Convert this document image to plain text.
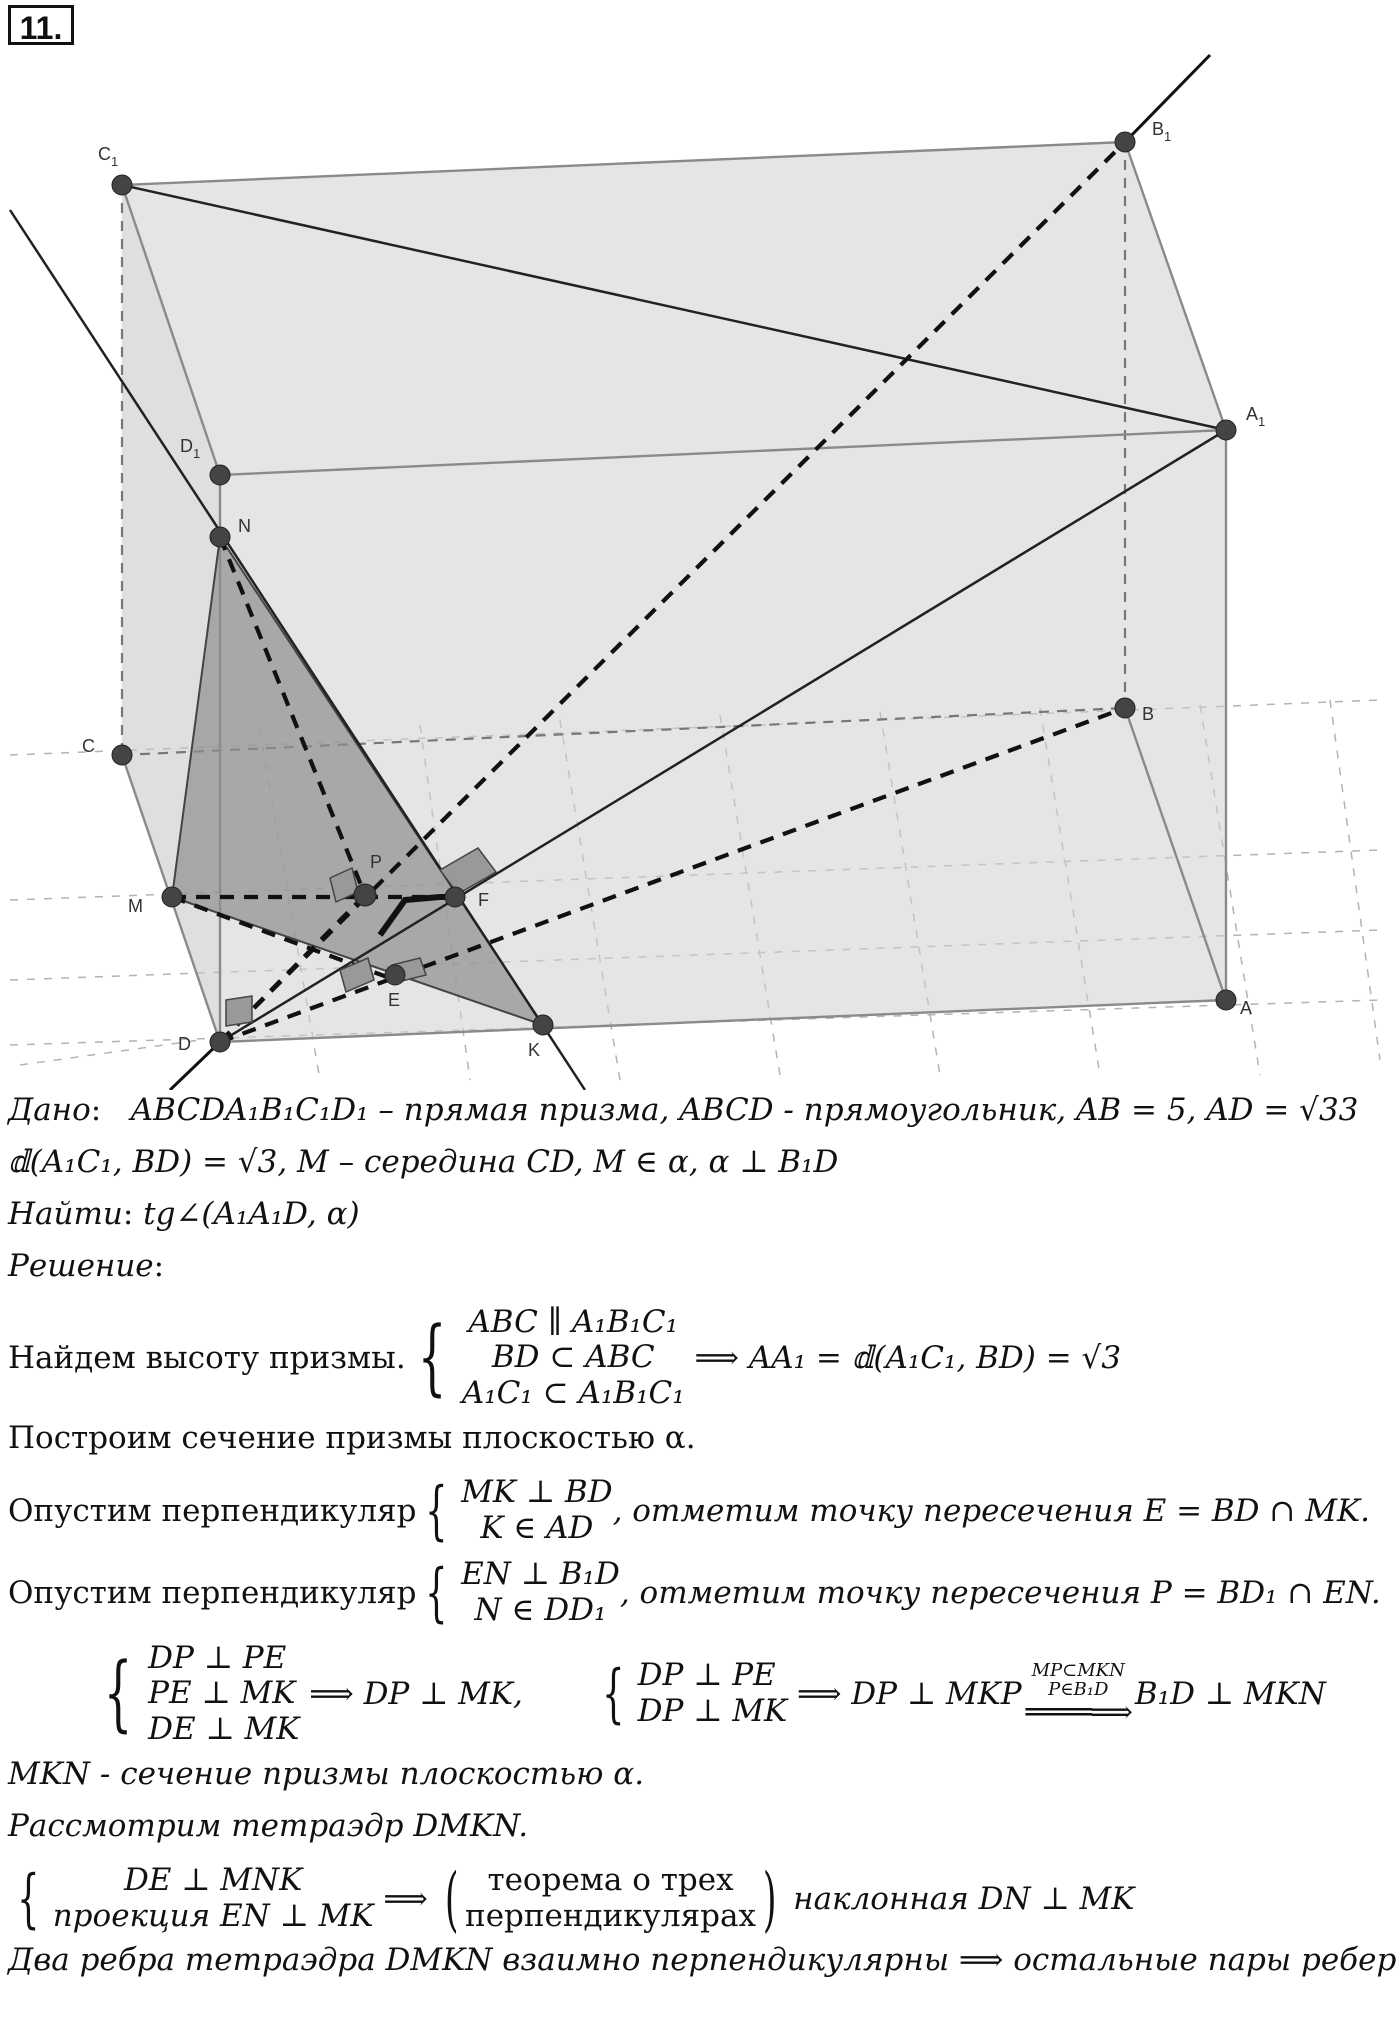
11.
$C_1$
$B_1$
$D_1$
$A_1$
N
C
B
P
M	F
E
D	K
A
Дано:   ABCDA₁B₁C₁D₁ – прямая призма, ABCD - прямоугольник, AB = 5, AD = √33
𝕕(A₁C₁, BD) = √3, M – середина CD, M ∈ α, α ⊥ B₁D
Найти: tg∠(A₁A₁D, α)
Решение:
Найдем высоту призмы. { ABC ∥ A₁B₁C₁
BD ⊂ ABC
A₁C₁ ⊂ A₁B₁C₁

⟹ AA₁ = 𝕕(A₁C₁, BD) = √3
Построим сечение призмы плоскостью α.
Опустим перпендикуляр { MK ⊥ BD
K ∈ AD , отметим точку пересечения E = BD ∩ MK.
Опустим перпендикуляр { EN ⊥ B₁D
N ∈ DD₁ , отметим точку пересечения P = BD₁ ∩ EN.
{ DP ⊥ PE
PE ⊥ MK
DE ⊥ MK

⟹ DP ⊥ MK, { DP ⊥ PE
DP ⊥ MK
⟹ DP ⊥ MKP
MP⊂MKN
P∈B₁D
════⟹
B₁D ⊥ MKN
MKN - сечение призмы плоскостью α.
Рассмотрим тетраэдр DMKN.
{	DE ⊥ MNK
проекция EN ⊥ MK
⟹
( теорема о трех
перпендикулярах )
наклонная DN ⊥ MK
Два ребра тетраэдра DMKN взаимно перпендикулярны ⟹ остальные пары ребер
